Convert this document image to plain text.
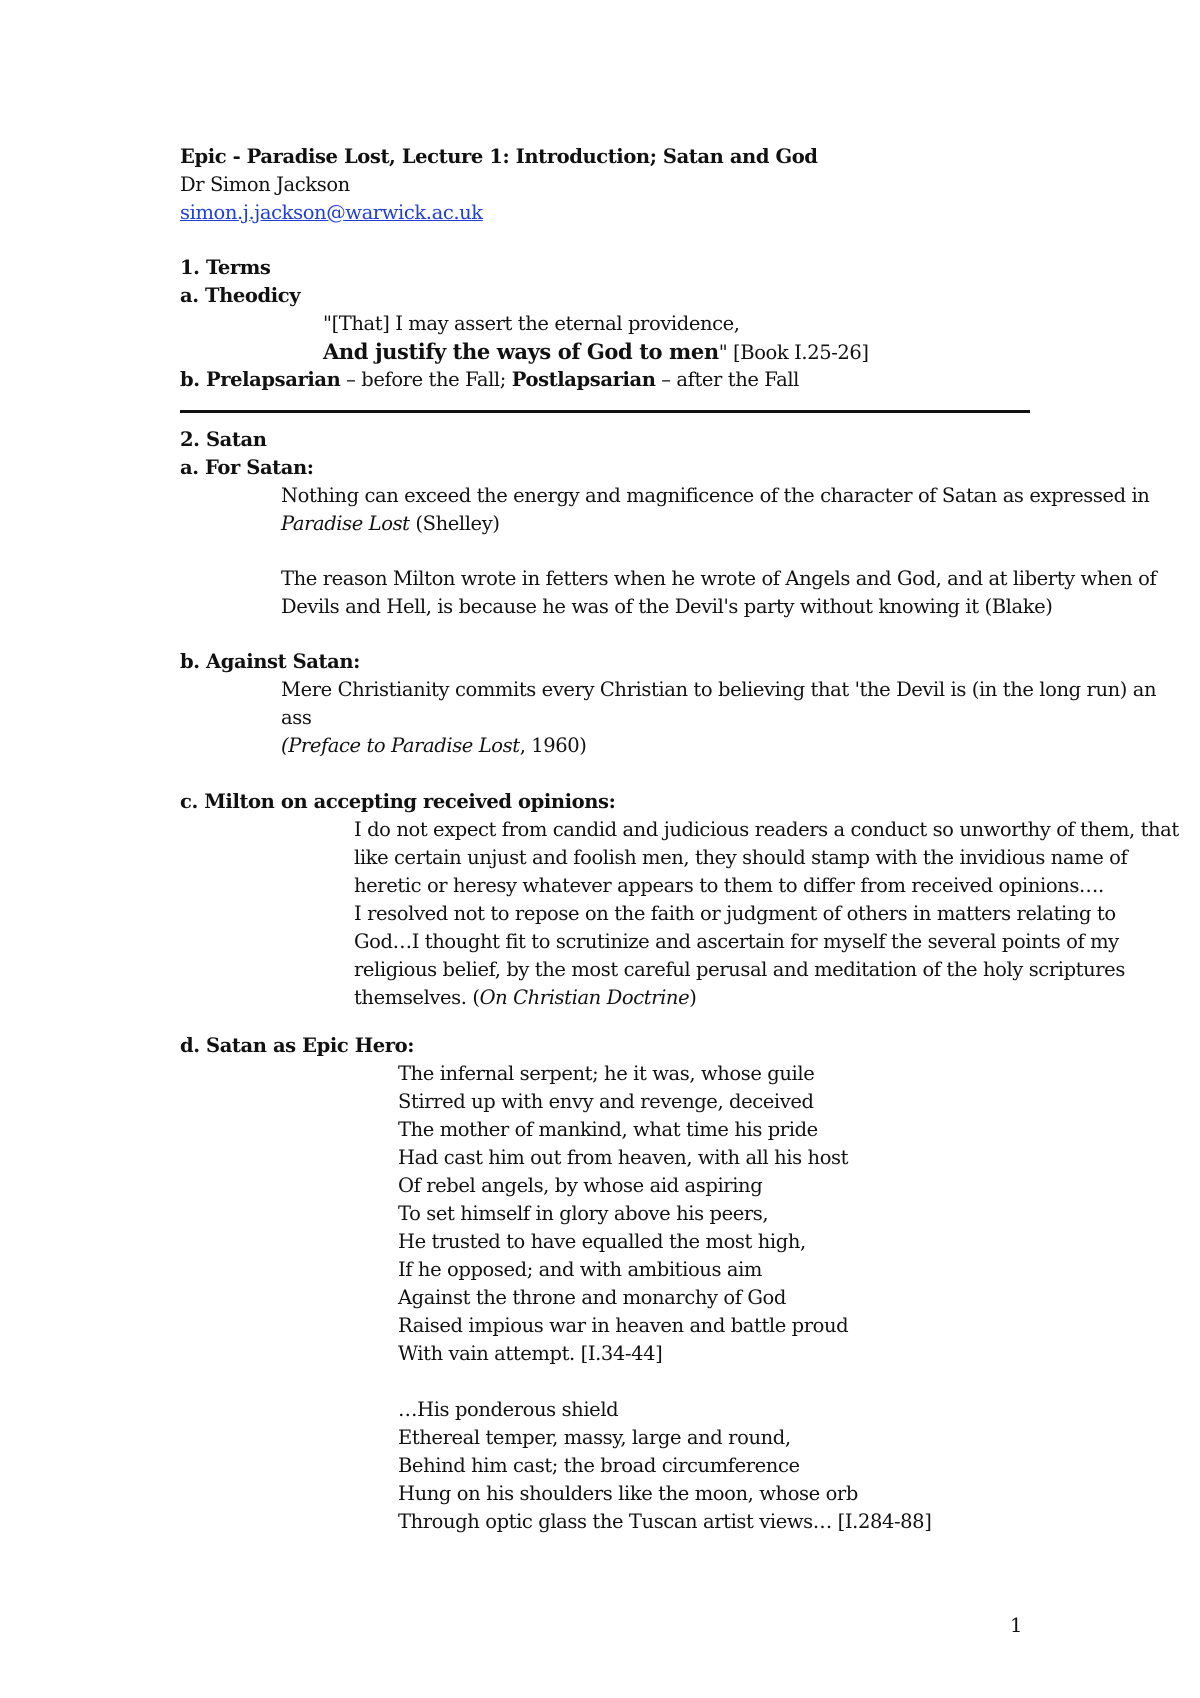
Epic - Paradise Lost, Lecture 1: Introduction; Satan and God
Dr Simon Jackson
simon.j.jackson@warwick.ac.uk
1. Terms
a. Theodicy
"[That] I may assert the eternal providence,
And justify the ways of God to men" [Book I.25-26]
b. Prelapsarian – before the Fall; Postlapsarian – after the Fall
2. Satan
a. For Satan:
Nothing can exceed the energy and magnificence of the character of Satan as expressed in
Paradise Lost (Shelley)
The reason Milton wrote in fetters when he wrote of Angels and God, and at liberty when of
Devils and Hell, is because he was of the Devil's party without knowing it (Blake)
b. Against Satan:
Mere Christianity commits every Christian to believing that 'the Devil is (in the long run) an
ass
(Preface to Paradise Lost, 1960)
c. Milton on accepting received opinions:
I do not expect from candid and judicious readers a conduct so unworthy of them, that
like certain unjust and foolish men, they should stamp with the invidious name of
heretic or heresy whatever appears to them to differ from received opinions….
I resolved not to repose on the faith or judgment of others in matters relating to
God…I thought fit to scrutinize and ascertain for myself the several points of my
religious belief, by the most careful perusal and meditation of the holy scriptures
themselves. (On Christian Doctrine)
d. Satan as Epic Hero:
The infernal serpent; he it was, whose guile
Stirred up with envy and revenge, deceived
The mother of mankind, what time his pride
Had cast him out from heaven, with all his host
Of rebel angels, by whose aid aspiring
To set himself in glory above his peers,
He trusted to have equalled the most high,
If he opposed; and with ambitious aim
Against the throne and monarchy of God
Raised impious war in heaven and battle proud
With vain attempt. [I.34-44]
…His ponderous shield
Ethereal temper, massy, large and round,
Behind him cast; the broad circumference
Hung on his shoulders like the moon, whose orb
Through optic glass the Tuscan artist views… [I.284-88]
1
